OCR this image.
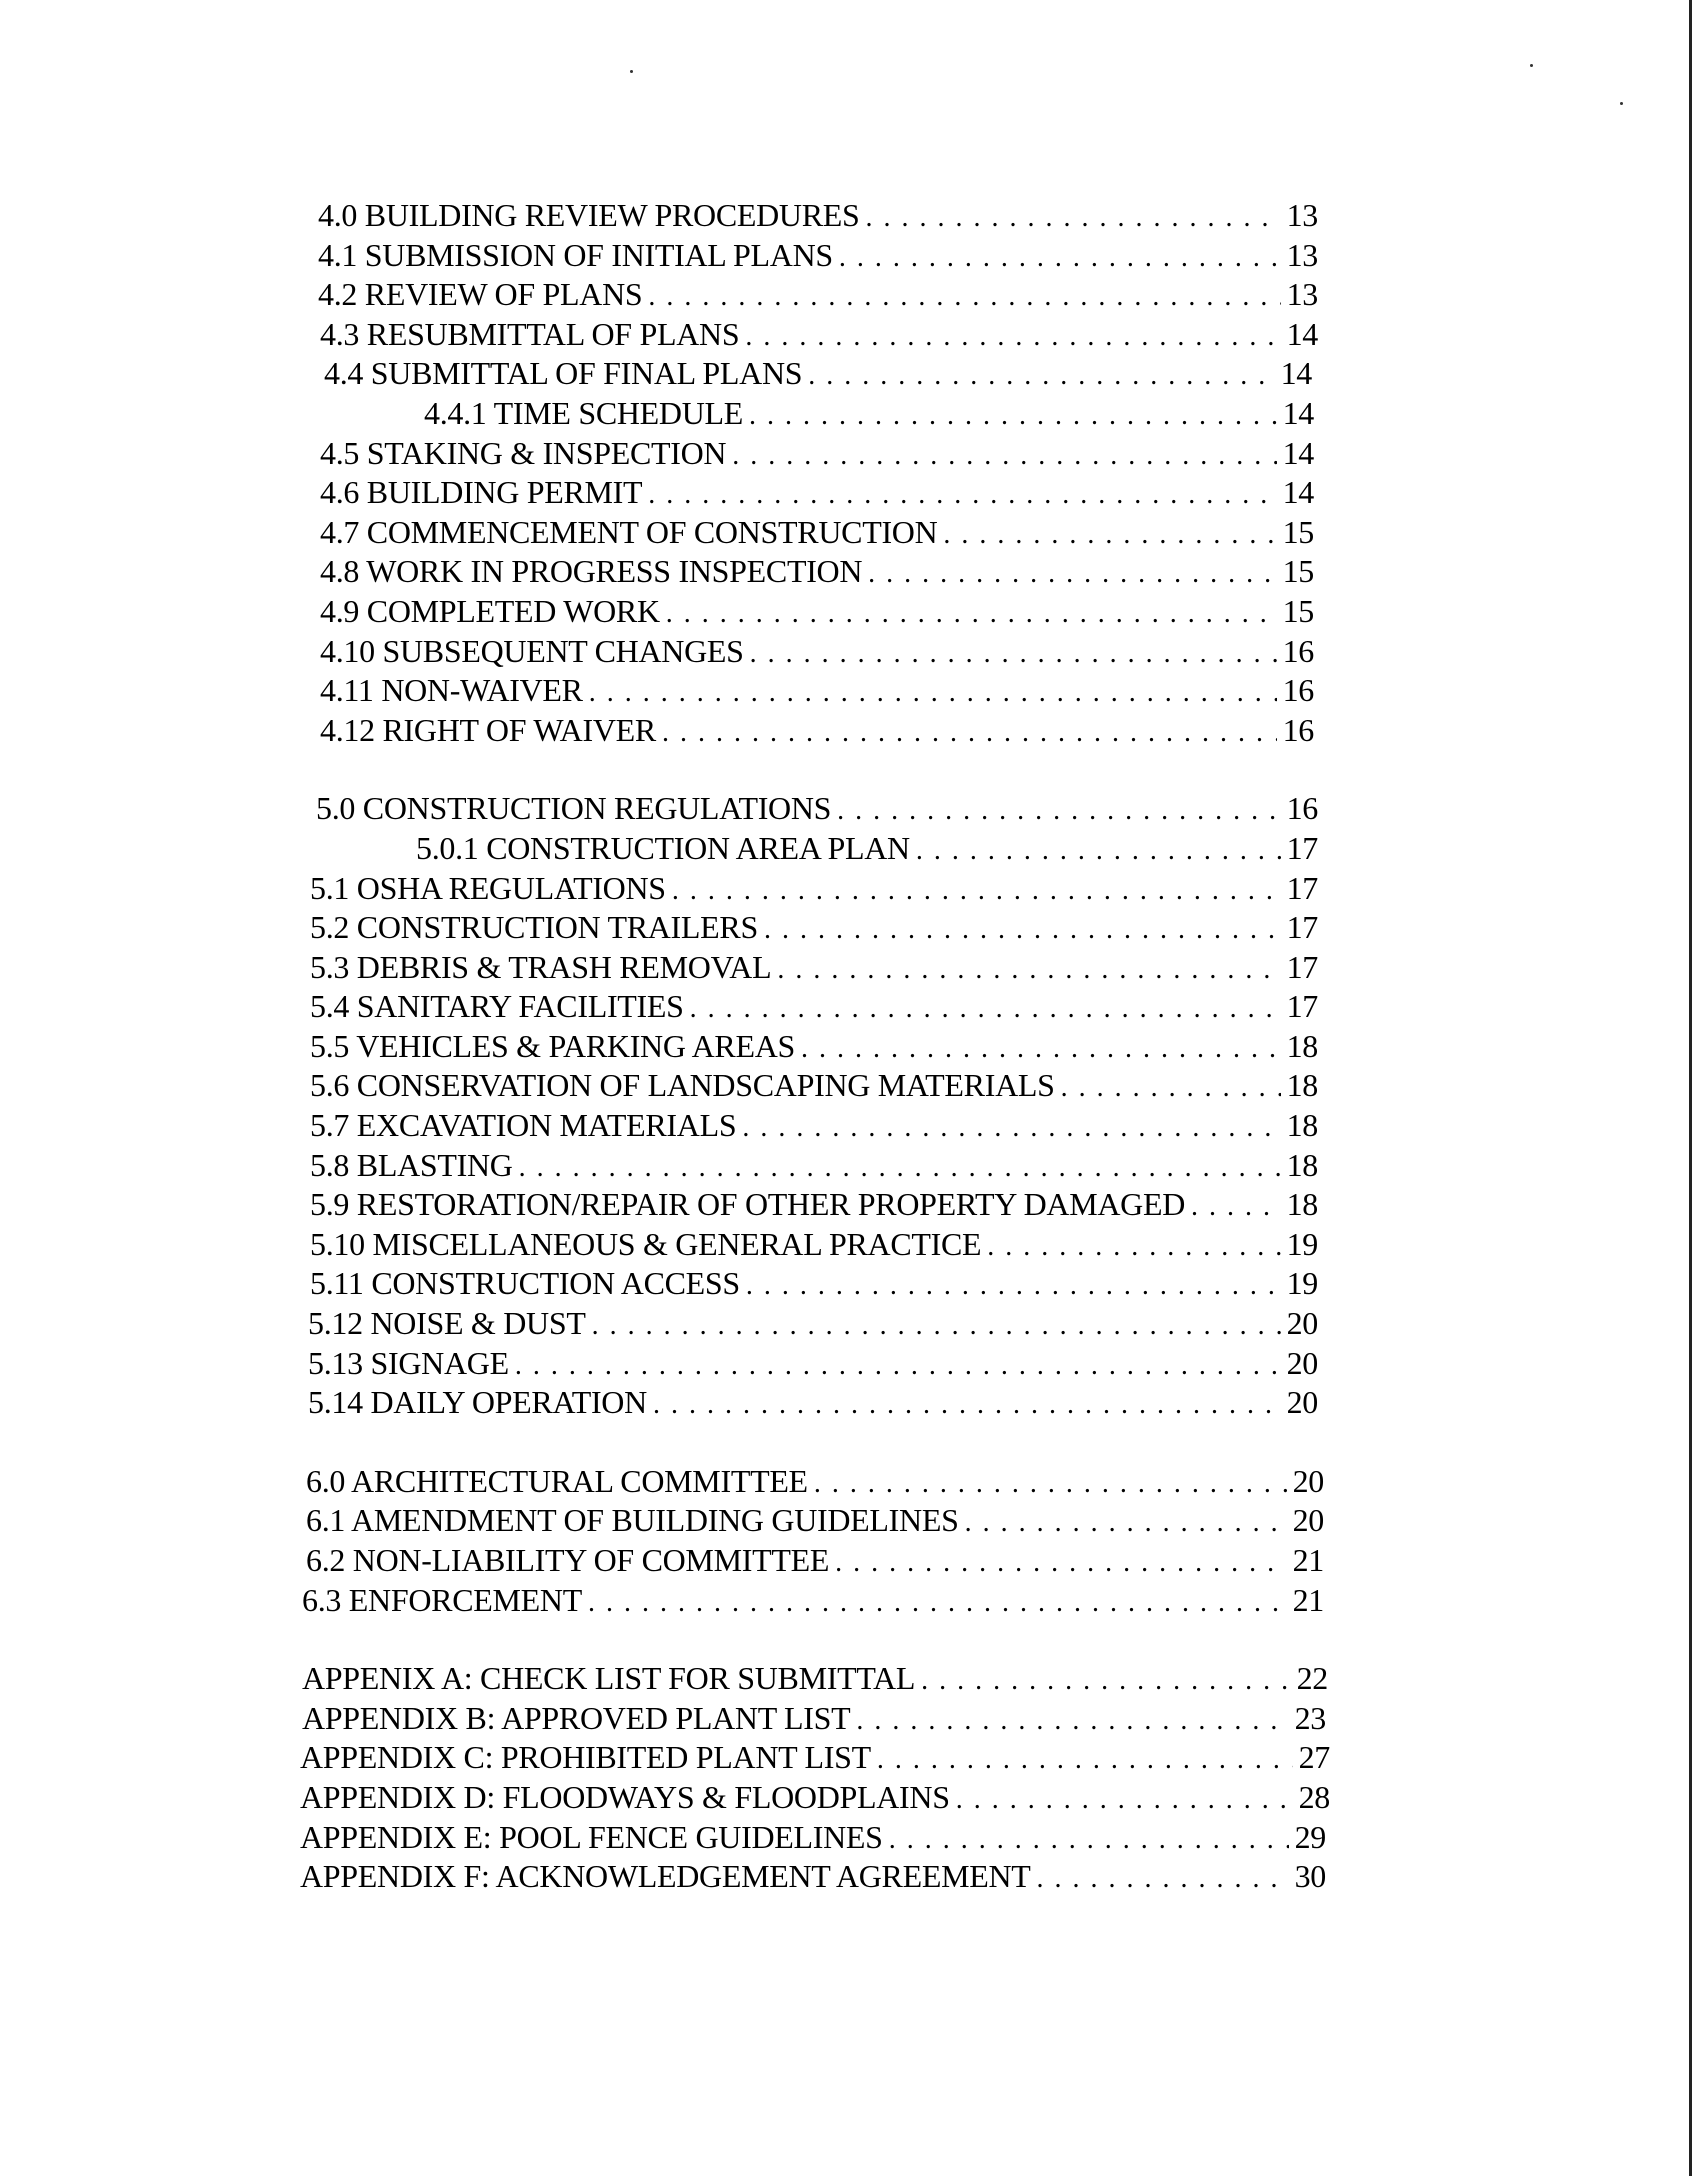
4.0 BUILDING REVIEW PROCEDURES . . .	13
4.1 SUBMISSION OF INITIAL PLANS . . .	13
4.2 REVIEW OF PLANS . . .	13
4.3 RESUBMITTAL OF PLANS . . .	14
4.4 SUBMITTAL OF FINAL PLANS . . .	14
4.4.1 TIME SCHEDULE . . .	14
4.5 STAKING & INSPECTION . . .	14
4.6 BUILDING PERMIT . . .	14
4.7 COMMENCEMENT OF CONSTRUCTION . . .	15
4.8 WORK IN PROGRESS INSPECTION . . .	15
4.9 COMPLETED WORK . . .	15
4.10 SUBSEQUENT CHANGES . . .	16
4.11 NON-WAIVER . . .	16
4.12 RIGHT OF WAIVER . . .	16
5.0 CONSTRUCTION REGULATIONS . . .	16
5.0.1 CONSTRUCTION AREA PLAN . . .	17
5.1 OSHA REGULATIONS . . .	17
5.2 CONSTRUCTION TRAILERS . . .	17
5.3 DEBRIS & TRASH REMOVAL . . .	17
5.4 SANITARY FACILITIES . . .	17
5.5 VEHICLES & PARKING AREAS . . .	18
5.6 CONSERVATION OF LANDSCAPING MATERIALS . . .	18
5.7 EXCAVATION MATERIALS . . .	18
5.8 BLASTING . . .	18
5.9 RESTORATION/REPAIR OF OTHER PROPERTY DAMAGED . . .	18
5.10 MISCELLANEOUS & GENERAL PRACTICE . . .	19
5.11 CONSTRUCTION ACCESS . . .	19
5.12 NOISE & DUST . . .	20
5.13 SIGNAGE . . .	20
5.14 DAILY OPERATION . . .	20
6.0 ARCHITECTURAL COMMITTEE . . .	20
6.1 AMENDMENT OF BUILDING GUIDELINES . . .	20
6.2 NON-LIABILITY OF COMMITTEE . . .	21
6.3 ENFORCEMENT . . .	21
APPENIX A: CHECK LIST FOR SUBMITTAL . . .	22
APPENDIX B: APPROVED PLANT LIST . . .	23
APPENDIX C: PROHIBITED PLANT LIST . . .	27
APPENDIX D: FLOODWAYS & FLOODPLAINS . . .	28
APPENDIX E: POOL FENCE GUIDELINES . . .	29
APPENDIX F: ACKNOWLEDGEMENT AGREEMENT . . .	30
